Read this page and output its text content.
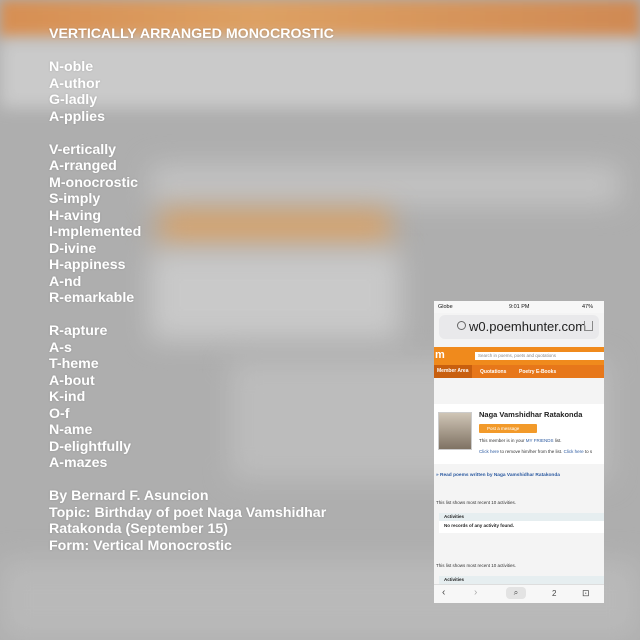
VERTICALLY ARRANGED MONOCROSTIC
N-oble
A-uthor
G-ladly
A-pplies
V-ertically
A-rranged
M-onocrostic
S-imply
H-aving
I-mplemented
D-ivine
H-appiness
A-nd
R-emarkable
R-apture
A-s
T-heme
A-bout
K-ind
O-f
N-ame
D-elightfully
A-mazes
By Bernard F. Asuncion
Topic: Birthday of poet Naga Vamshidhar
Ratakonda (September 15)
Form: Vertical Monocrostic
Globe	9:01 PM	47%
w0.poemhunter.com
m	Search in poems, poets and quotations
Member Area	Quotations	Poetry E-Books
Naga Vamshidhar Ratakonda
Post a message
This member is in your MY FRIENDS list.
Click here to remove him/her from the list. Click here to s
» Read poems written by Naga Vamshidhar Ratakonda
This list shows most recent 10 activities.
Activities
No records of any activity found.
This list shows most recent 10 activities.
Activities
‹	›	⌕	2	⊡
